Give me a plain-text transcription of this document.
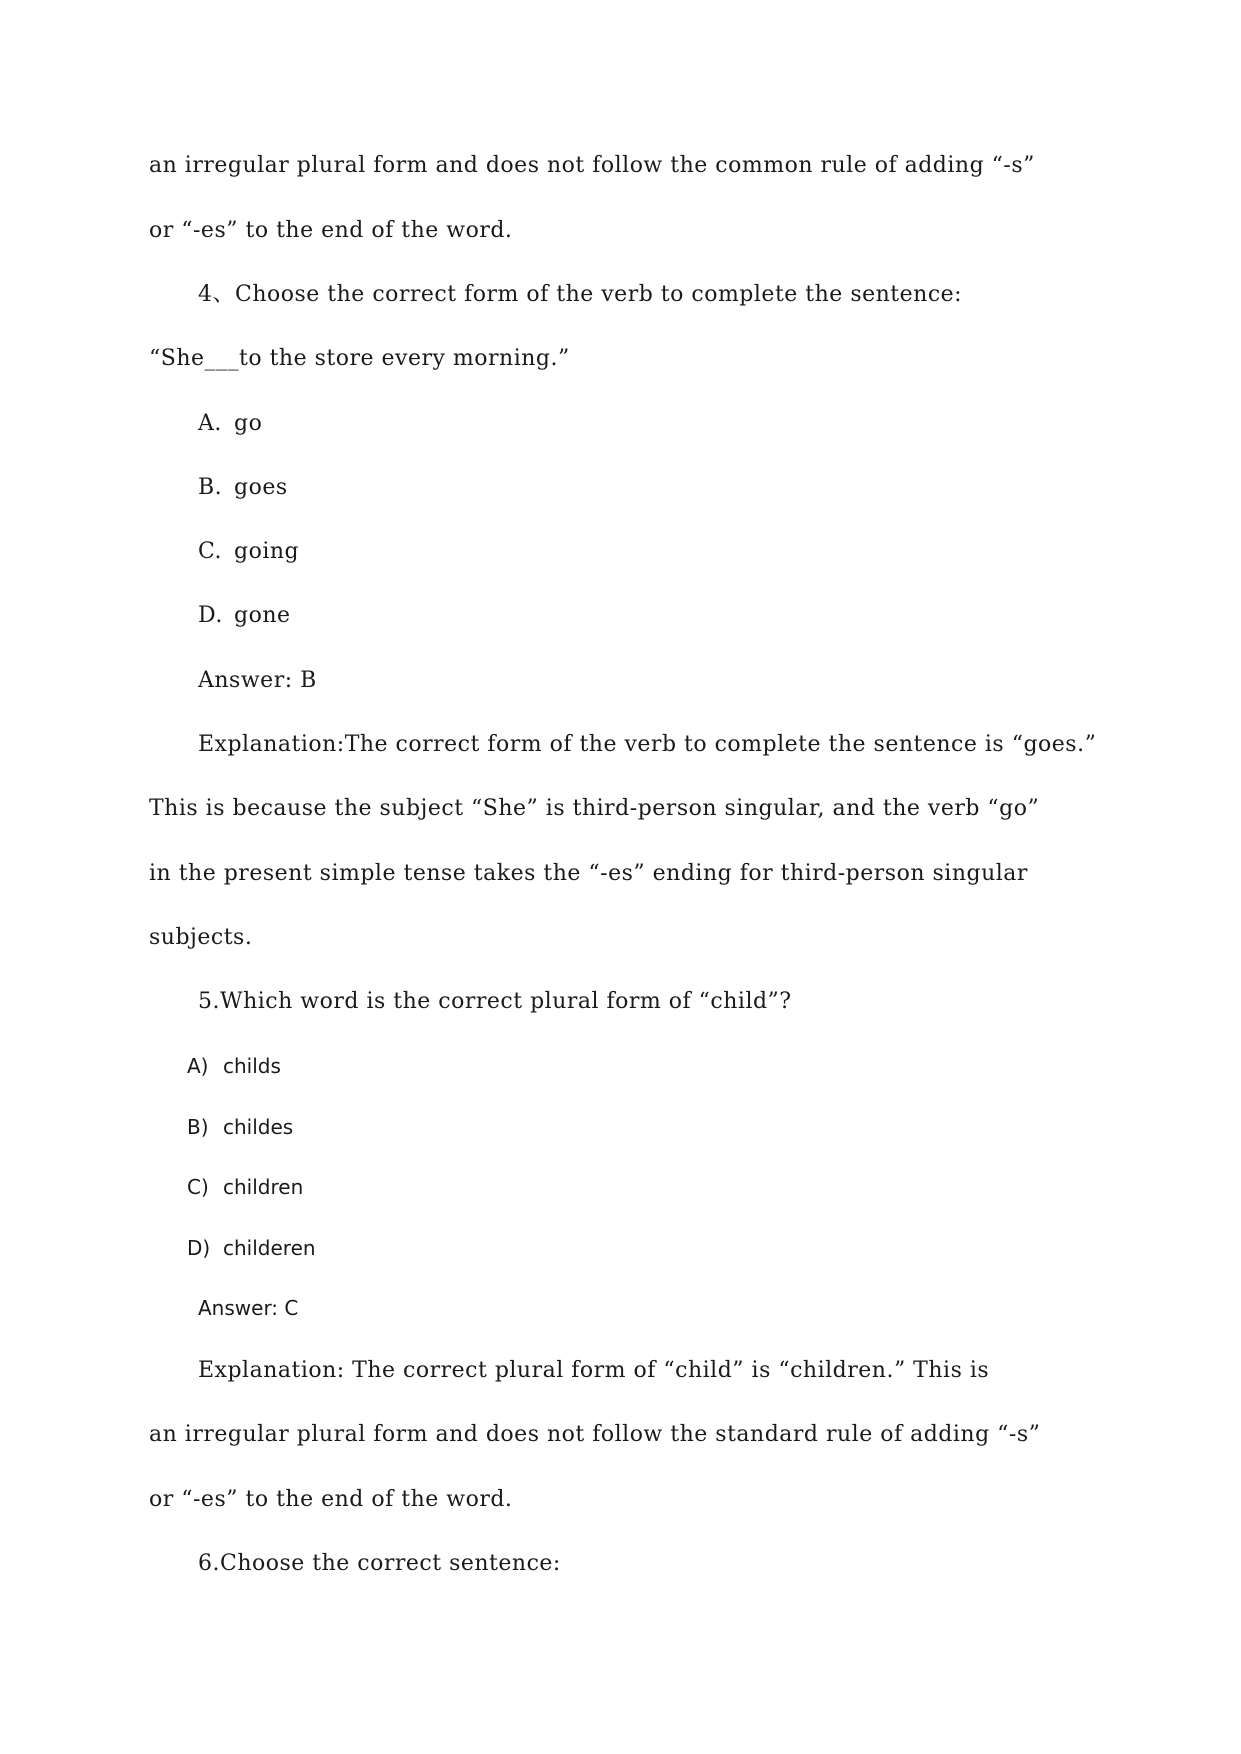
an irregular plural form and does not follow the common rule of adding “-s”
or “-es” to the end of the word.
4、Choose the correct form of the verb to complete the sentence:
“She___to the store every morning.”
A. go
B. goes
C. going
D. gone
Answer: B
Explanation:The correct form of the verb to complete the sentence is “goes.”
This is because the subject “She” is third-person singular, and the verb “go”
in the present simple tense takes the “-es” ending for third-person singular
subjects.
5.Which word is the correct plural form of “child”?
A) childs
B) childes
C) children
D) childeren
Answer: C
Explanation: The correct plural form of “child” is “children.” This is
an irregular plural form and does not follow the standard rule of adding “-s”
or “-es” to the end of the word.
6.Choose the correct sentence:
